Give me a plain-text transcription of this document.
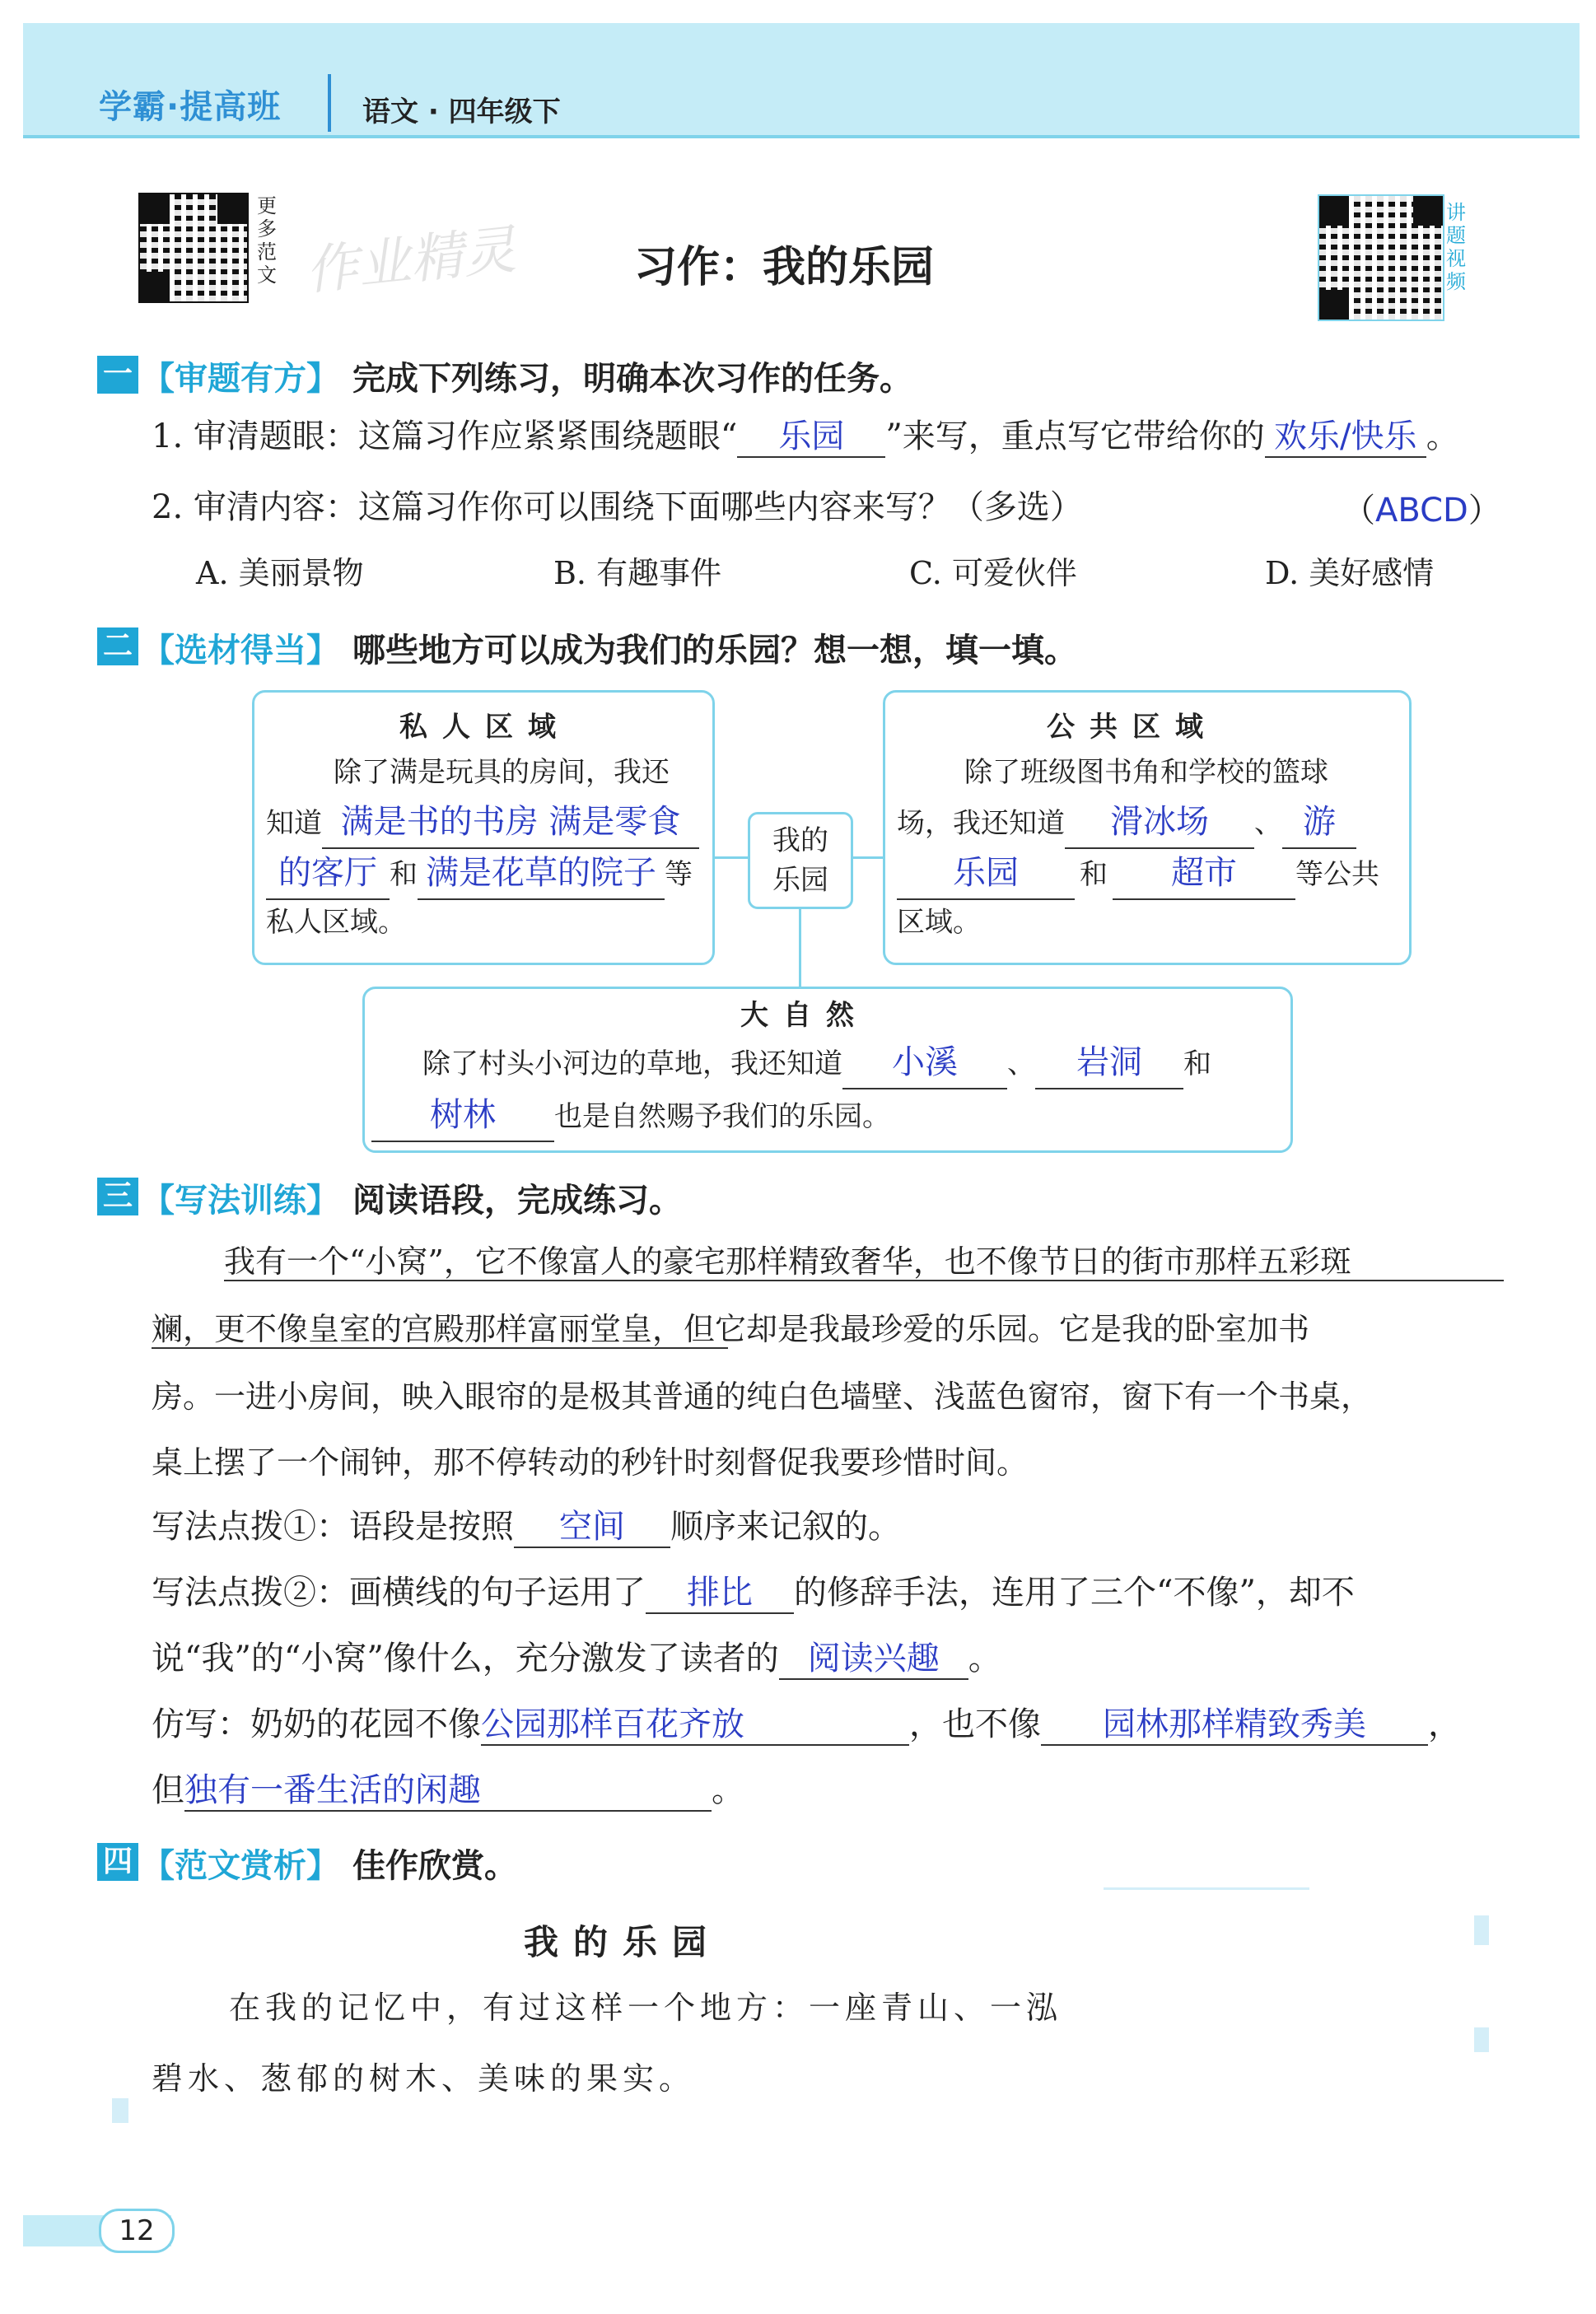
学霸·提高班	语文 · 四年级下
更多范文 作业精灵	习作：我的乐园
讲题视频
一 【审题有方】 完成下列练习，明确本次习作的任务。
1. 审清题眼：这篇习作应紧紧围绕题眼“ 乐园 ”来写，重点写它带给你的 欢乐/快乐 。
2. 审清内容：这篇习作你可以围绕下面哪些内容来写？（多选）	（ABCD）
A. 美丽景物	B. 有趣事件	C. 可爱伙伴	D. 美好感情
二 【选材得当】 哪些地方可以成为我们的乐园？想一想，填一填。
我的乐园
私人区域
除了满是玩具的房间，我还
知道 满是书的书房 满是零食
的客厅 和 满是花草的院子 等
私人区域。
公共区域
除了班级图书角和学校的篮球
场，我还知道 滑冰场 、 游
乐园 和 超市 等公共
区域。
大自然
除了村头小河边的草地，我还知道 小溪 、 岩洞 和
树林 也是自然赐予我们的乐园。
三 【写法训练】 阅读语段，完成练习。
我有一个“小窝”，它不像富人的豪宅那样精致奢华，也不像节日的街市那样五彩斑
斓，更不像皇室的宫殿那样富丽堂皇，但它却是我最珍爱的乐园。它是我的卧室加书
房。一进小房间，映入眼帘的是极其普通的纯白色墙壁、浅蓝色窗帘，窗下有一个书桌，
桌上摆了一个闹钟，那不停转动的秒针时刻督促我要珍惜时间。
写法点拨①：语段是按照 空间 顺序来记叙的。
写法点拨②：画横线的句子运用了 排比 的修辞手法，连用了三个“不像”，却不
说“我”的“小窝”像什么，充分激发了读者的 阅读兴趣 。
仿写：奶奶的花园不像公园那样百花齐放	，也不像 园林那样精致秀美 ，
但独有一番生活的闲趣	。
四 【范文赏析】 佳作欣赏。
我的乐园
在我的记忆中，有过这样一个地方：一座青山、一泓
碧水、葱郁的树木、美味的果实。
12
